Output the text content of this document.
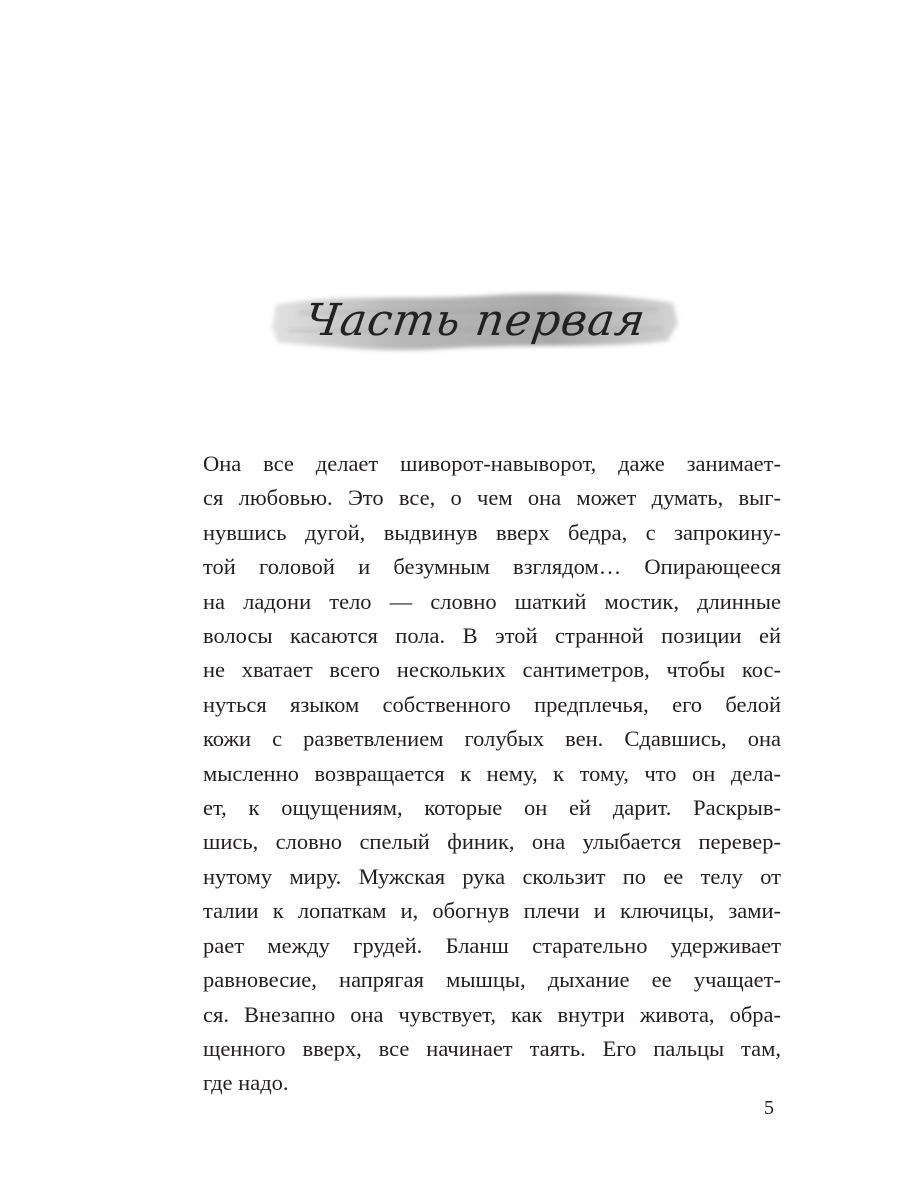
Часть первая
Она все делает шиворот-навыворот, даже занимает-
ся любовью. Это все, о чем она может думать, выг-
нувшись дугой, выдвинув вверх бедра, с запрокину-
той головой и безумным взглядом… Опирающееся
на ладони тело — словно шаткий мостик, длинные
волосы касаются пола. В этой странной позиции ей
не хватает всего нескольких сантиметров, чтобы кос-
нуться языком собственного предплечья, его белой
кожи с разветвлением голубых вен. Сдавшись, она
мысленно возвращается к нему, к тому, что он дела-
ет, к ощущениям, которые он ей дарит. Раскрыв-
шись, словно спелый финик, она улыбается перевер-
нутому миру. Мужская рука скользит по ее телу от
талии к лопаткам и, обогнув плечи и ключицы, зами-
рает между грудей. Бланш старательно удерживает
равновесие, напрягая мышцы, дыхание ее учащает-
ся. Внезапно она чувствует, как внутри живота, обра-
щенного вверх, все начинает таять. Его пальцы там,
где надо.
5
